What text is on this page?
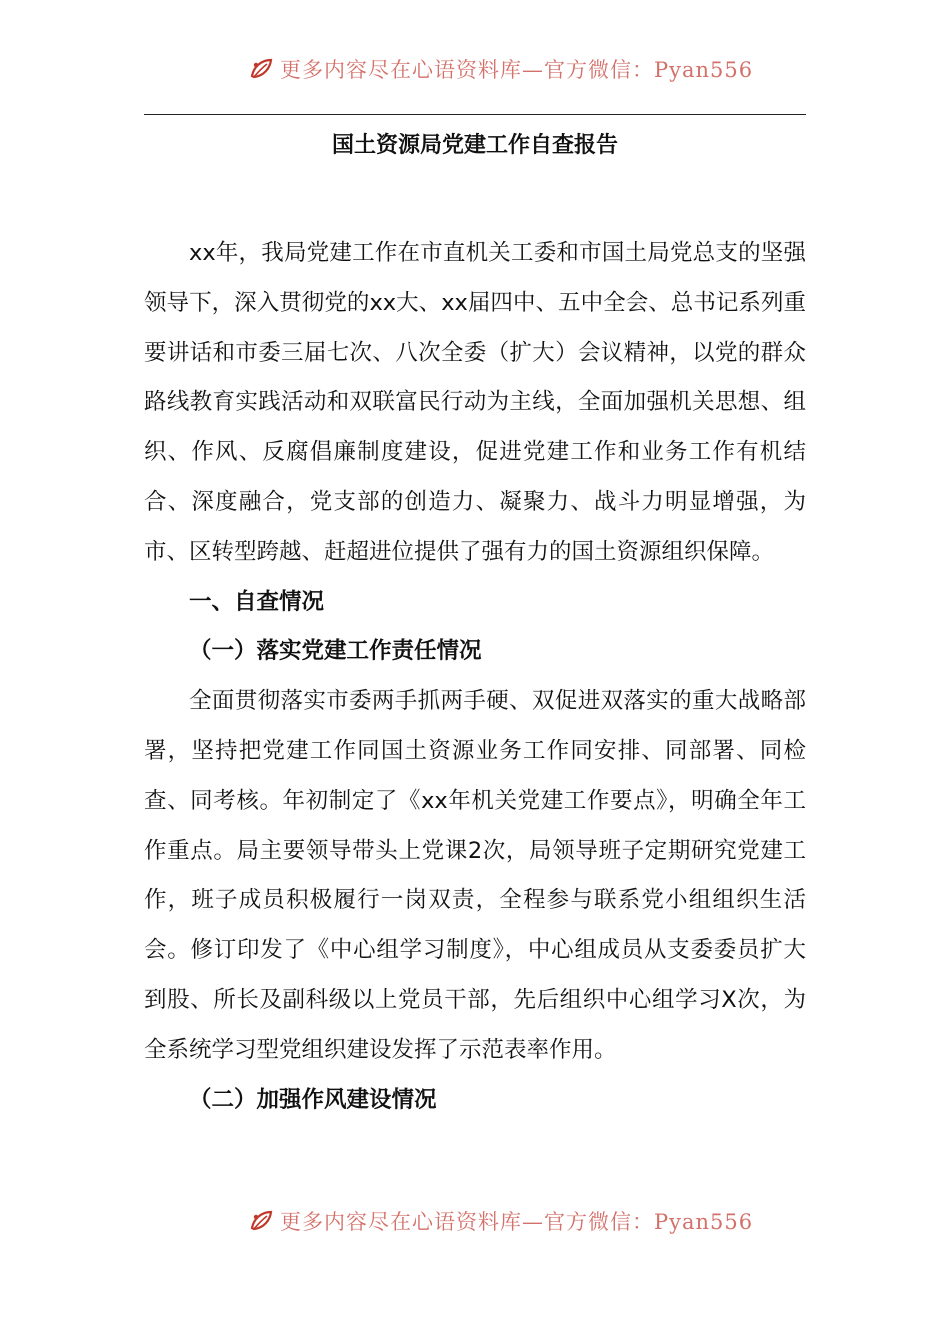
更多内容尽在心语资料库—官方微信：Pyan556
国土资源局党建工作自查报告

xx年，我局党建工作在市直机关工委和市国土局党总支的坚强领导下，深入贯彻党的xx大、xx届四中、五中全会、总书记系列重要讲话和市委三届七次、八次全委（扩大）会议精神，以党的群众路线教育实践活动和双联富民行动为主线，全面加强机关思想、组织、作风、反腐倡廉制度建设，促进党建工作和业务工作有机结合、深度融合，党支部的创造力、凝聚力、战斗力明显增强，为市、区转型跨越、赶超进位提供了强有力的国土资源组织保障。

一、自查情况

（一）落实党建工作责任情况

全面贯彻落实市委两手抓两手硬、双促进双落实的重大战略部署，坚持把党建工作同国土资源业务工作同安排、同部署、同检查、同考核。年初制定了《xx年机关党建工作要点》，明确全年工作重点。局主要领导带头上党课2次，局领导班子定期研究党建工作，班子成员积极履行一岗双责，全程参与联系党小组组织生活会。修订印发了《中心组学习制度》，中心组成员从支委委员扩大到股、所长及副科级以上党员干部，先后组织中心组学习X次，为全系统学习型党组织建设发挥了示范表率作用。

（二）加强作风建设情况

更多内容尽在心语资料库—官方微信：Pyan556
